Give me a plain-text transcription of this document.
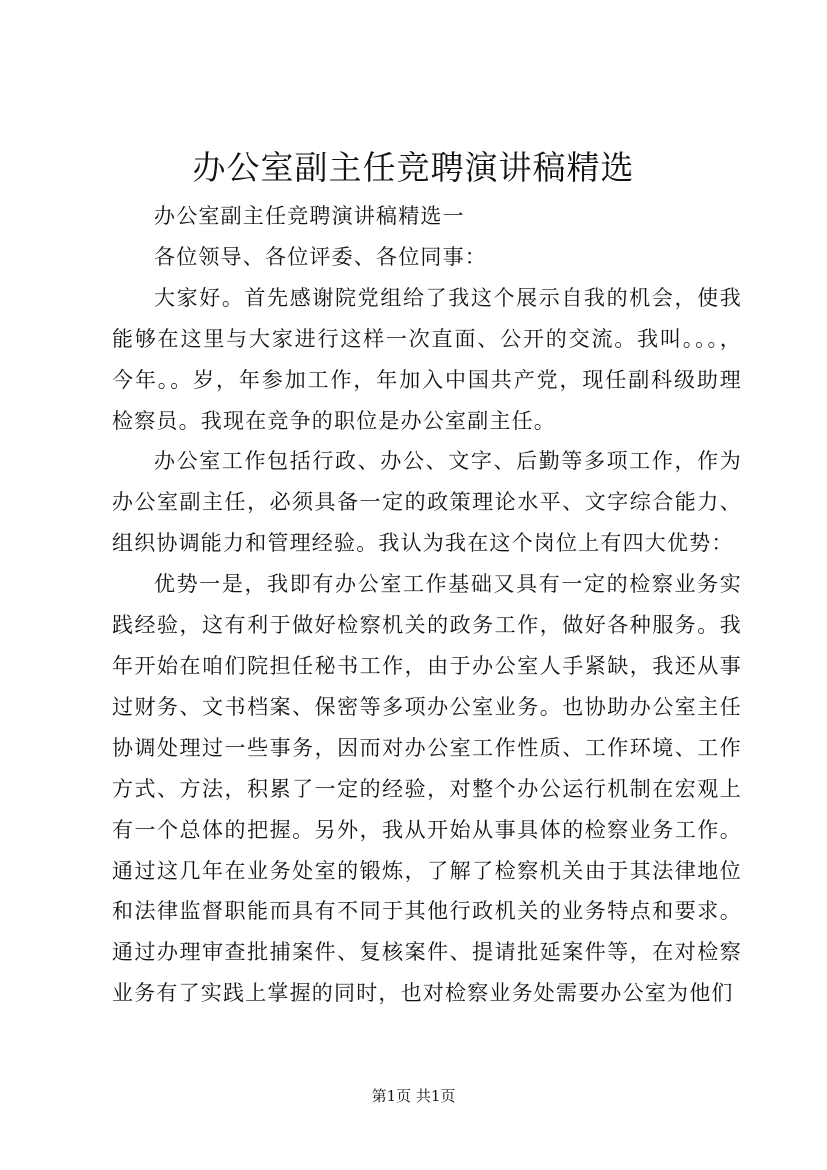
办公室副主任竞聘演讲稿精选

办公室副主任竞聘演讲稿精选一

各位领导、各位评委、各位同事：

大家好。首先感谢院党组给了我这个展示自我的机会，使我能够在这里与大家进行这样一次直面、公开的交流。我叫。。。，今年。。岁，年参加工作，年加入中国共产党，现任副科级助理检察员。我现在竞争的职位是办公室副主任。

办公室工作包括行政、办公、文字、后勤等多项工作，作为办公室副主任，必须具备一定的政策理论水平、文字综合能力、组织协调能力和管理经验。我认为我在这个岗位上有四大优势：

优势一是，我即有办公室工作基础又具有一定的检察业务实践经验，这有利于做好检察机关的政务工作，做好各种服务。我年开始在咱们院担任秘书工作，由于办公室人手紧缺，我还从事过财务、文书档案、保密等多项办公室业务。也协助办公室主任协调处理过一些事务，因而对办公室工作性质、工作环境、工作方式、方法，积累了一定的经验，对整个办公运行机制在宏观上有一个总体的把握。另外，我从开始从事具体的检察业务工作。通过这几年在业务处室的锻炼，了解了检察机关由于其法律地位和法律监督职能而具有不同于其他行政机关的业务特点和要求。通过办理审查批捕案件、复核案件、提请批延案件等，在对检察业务有了实践上掌握的同时，也对检察业务处需要办公室为他们

第1页 共1页
